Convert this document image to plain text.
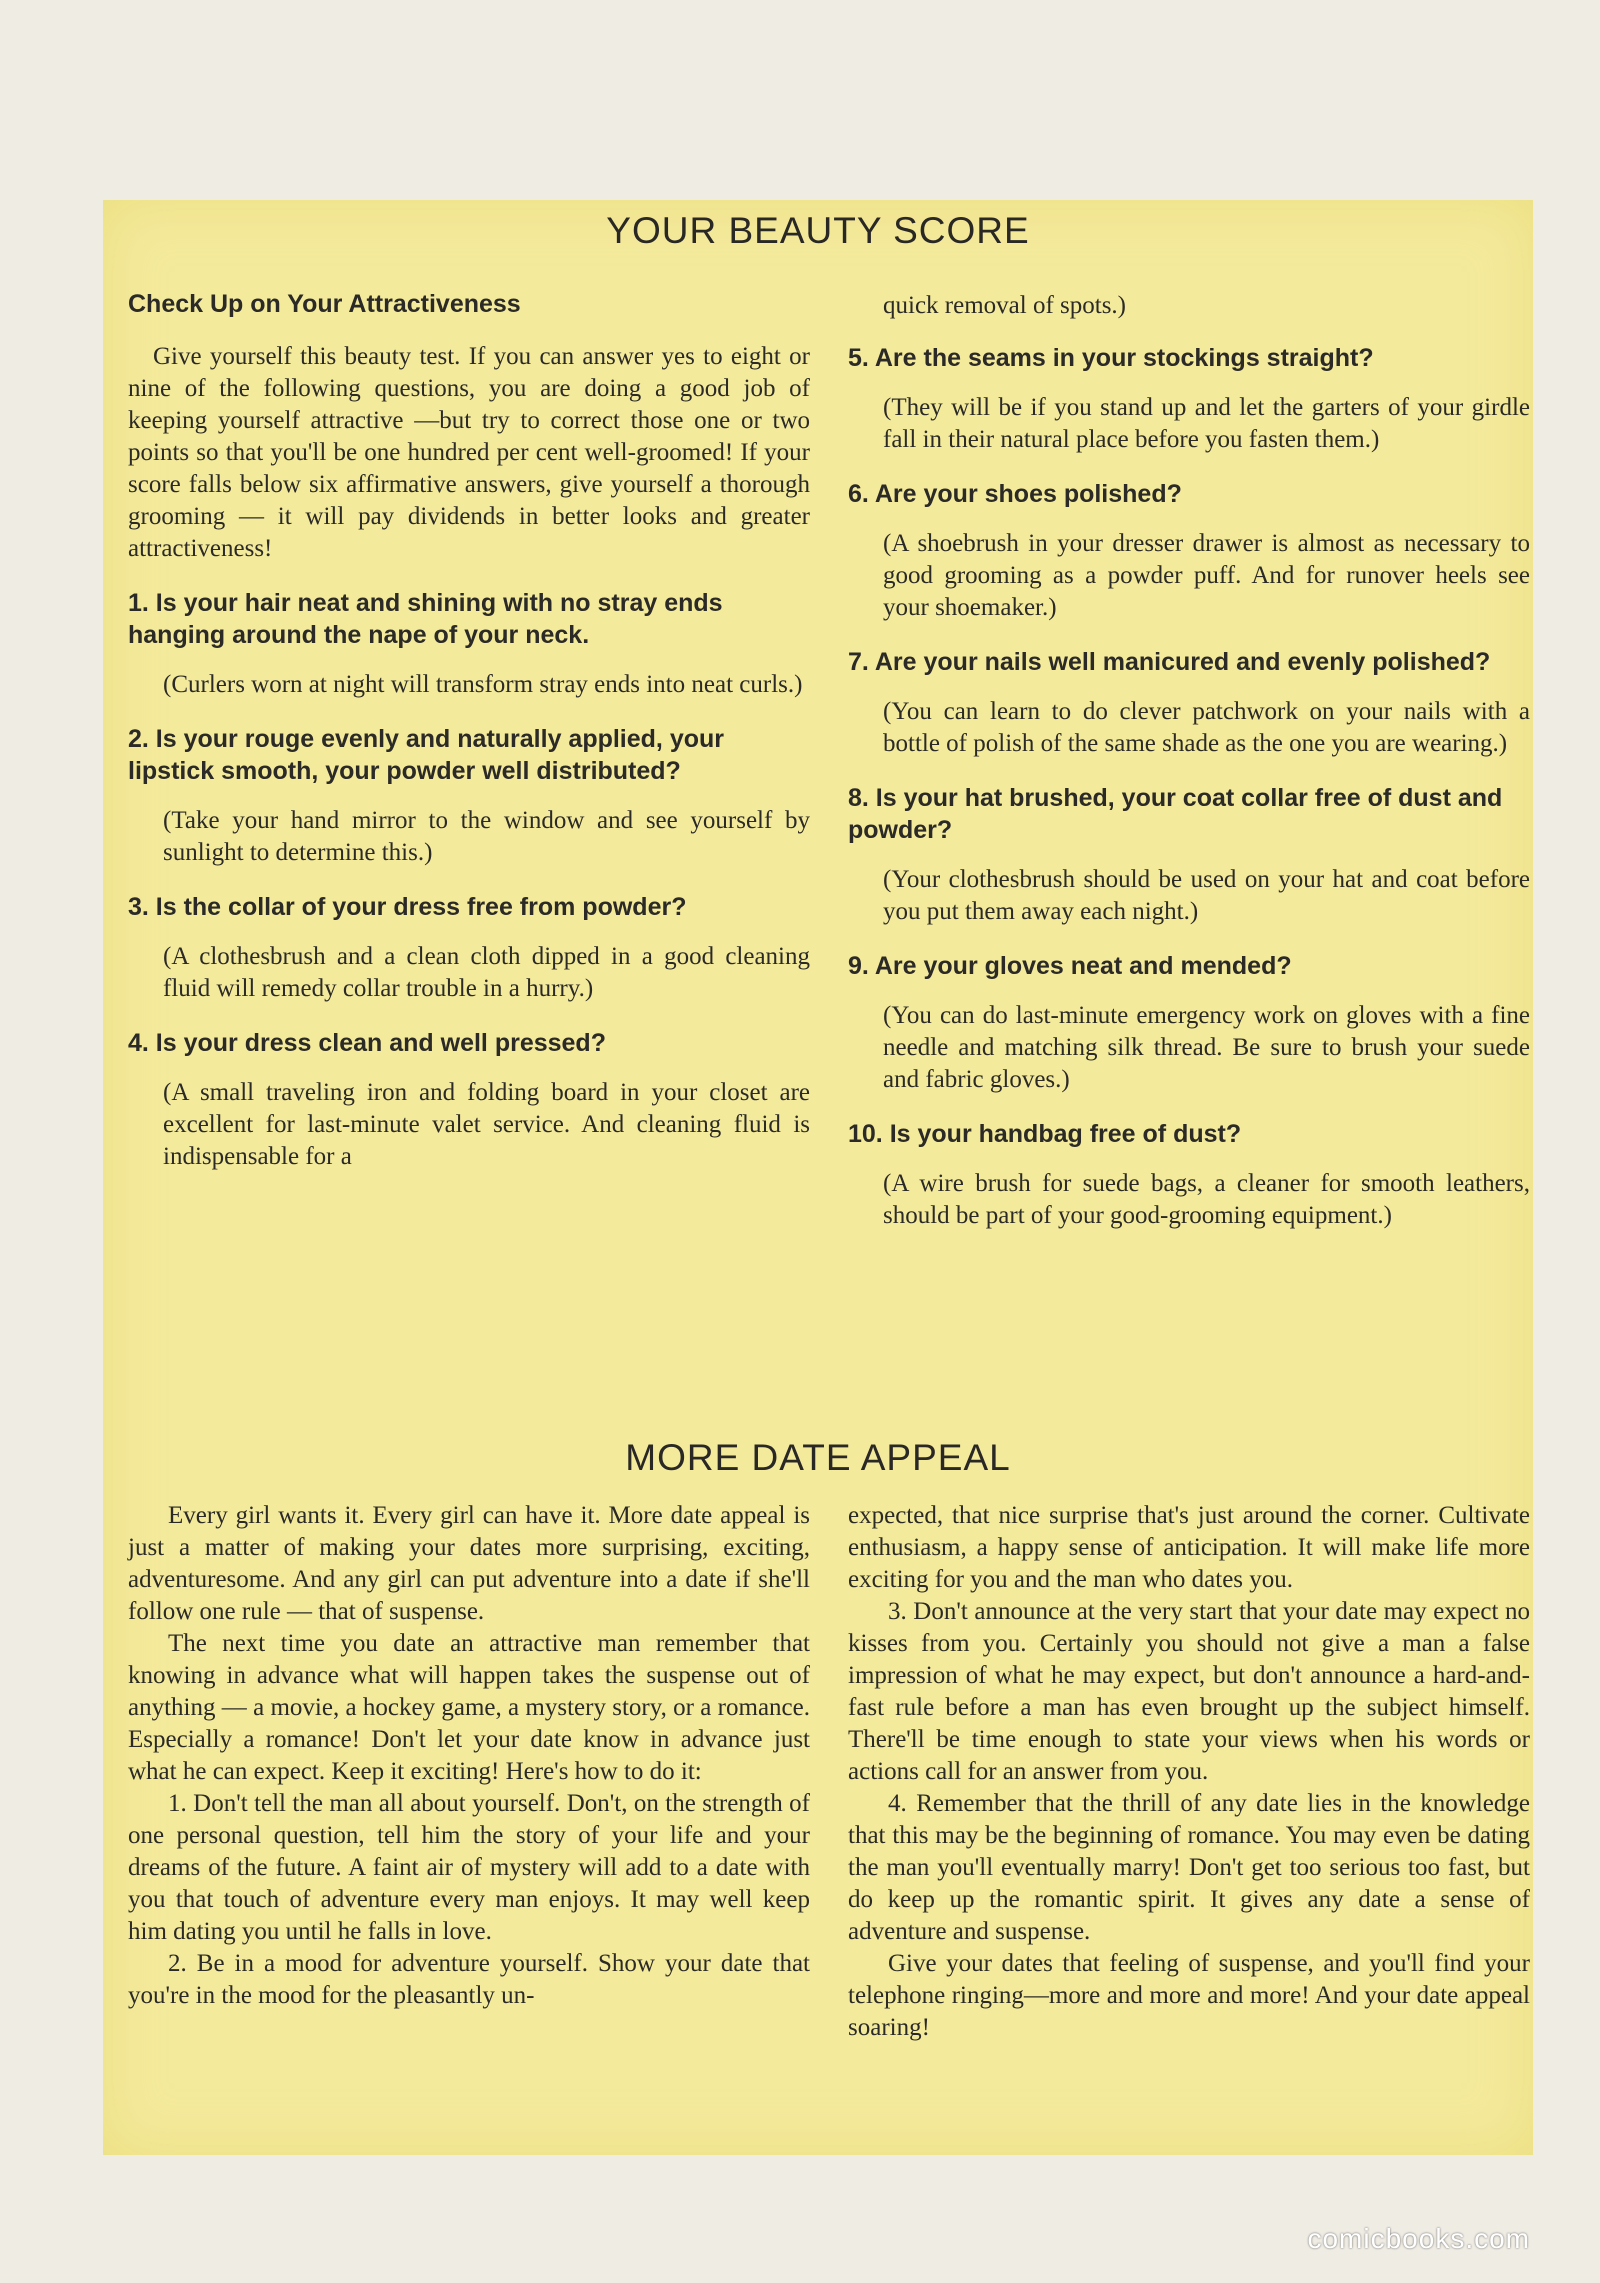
YOUR BEAUTY SCORE
Check Up on Your Attractiveness

Give yourself this beauty test. If you can answer yes to eight or nine of the following questions, you are doing a good job of keeping yourself attractive —but try to correct those one or two points so that you'll be one hundred per cent well-groomed! If your score falls below six affirmative answers, give yourself a thorough grooming — it will pay dividends in better looks and greater attractiveness!

1. Is your hair neat and shining with no stray ends hanging around the nape of your neck.

(Curlers worn at night will transform stray ends into neat curls.)

2. Is your rouge evenly and naturally applied, your lipstick smooth, your powder well distributed?

(Take your hand mirror to the window and see yourself by sunlight to determine this.)

3. Is the collar of your dress free from powder?

(A clothesbrush and a clean cloth dipped in a good cleaning fluid will remedy collar trouble in a hurry.)

4. Is your dress clean and well pressed?

(A small traveling iron and folding board in your closet are excellent for last-minute valet service. And cleaning fluid is indispensable for a

quick removal of spots.)

5. Are the seams in your stockings straight?

(They will be if you stand up and let the garters of your girdle fall in their natural place before you fasten them.)

6. Are your shoes polished?

(A shoebrush in your dresser drawer is almost as necessary to good grooming as a powder puff. And for runover heels see your shoemaker.)

7. Are your nails well manicured and evenly polished?

(You can learn to do clever patchwork on your nails with a bottle of polish of the same shade as the one you are wearing.)

8. Is your hat brushed, your coat collar free of dust and powder?

(Your clothesbrush should be used on your hat and coat before you put them away each night.)

9. Are your gloves neat and mended?

(You can do last-minute emergency work on gloves with a fine needle and matching silk thread. Be sure to brush your suede and fabric gloves.)

10. Is your handbag free of dust?

(A wire brush for suede bags, a cleaner for smooth leathers, should be part of your good-grooming equipment.)

MORE DATE APPEAL

Every girl wants it. Every girl can have it. More date appeal is just a matter of making your dates more surprising, exciting, adventuresome. And any girl can put adventure into a date if she'll follow one rule — that of suspense.

The next time you date an attractive man remember that knowing in advance what will happen takes the suspense out of anything — a movie, a hockey game, a mystery story, or a romance. Especially a romance! Don't let your date know in advance just what he can expect. Keep it exciting! Here's how to do it:

1. Don't tell the man all about yourself. Don't, on the strength of one personal question, tell him the story of your life and your dreams of the future. A faint air of mystery will add to a date with you that touch of adventure every man enjoys. It may well keep him dating you until he falls in love.

2. Be in a mood for adventure yourself. Show your date that you're in the mood for the pleasantly un-

expected, that nice surprise that's just around the corner. Cultivate enthusiasm, a happy sense of anticipation. It will make life more exciting for you and the man who dates you.

3. Don't announce at the very start that your date may expect no kisses from you. Certainly you should not give a man a false impression of what he may expect, but don't announce a hard-and-fast rule before a man has even brought up the subject himself. There'll be time enough to state your views when his words or actions call for an answer from you.

4. Remember that the thrill of any date lies in the knowledge that this may be the beginning of romance. You may even be dating the man you'll eventually marry! Don't get too serious too fast, but do keep up the romantic spirit. It gives any date a sense of adventure and suspense.

Give your dates that feeling of suspense, and you'll find your telephone ringing—more and more and more! And your date appeal soaring!

comicbooks.com
